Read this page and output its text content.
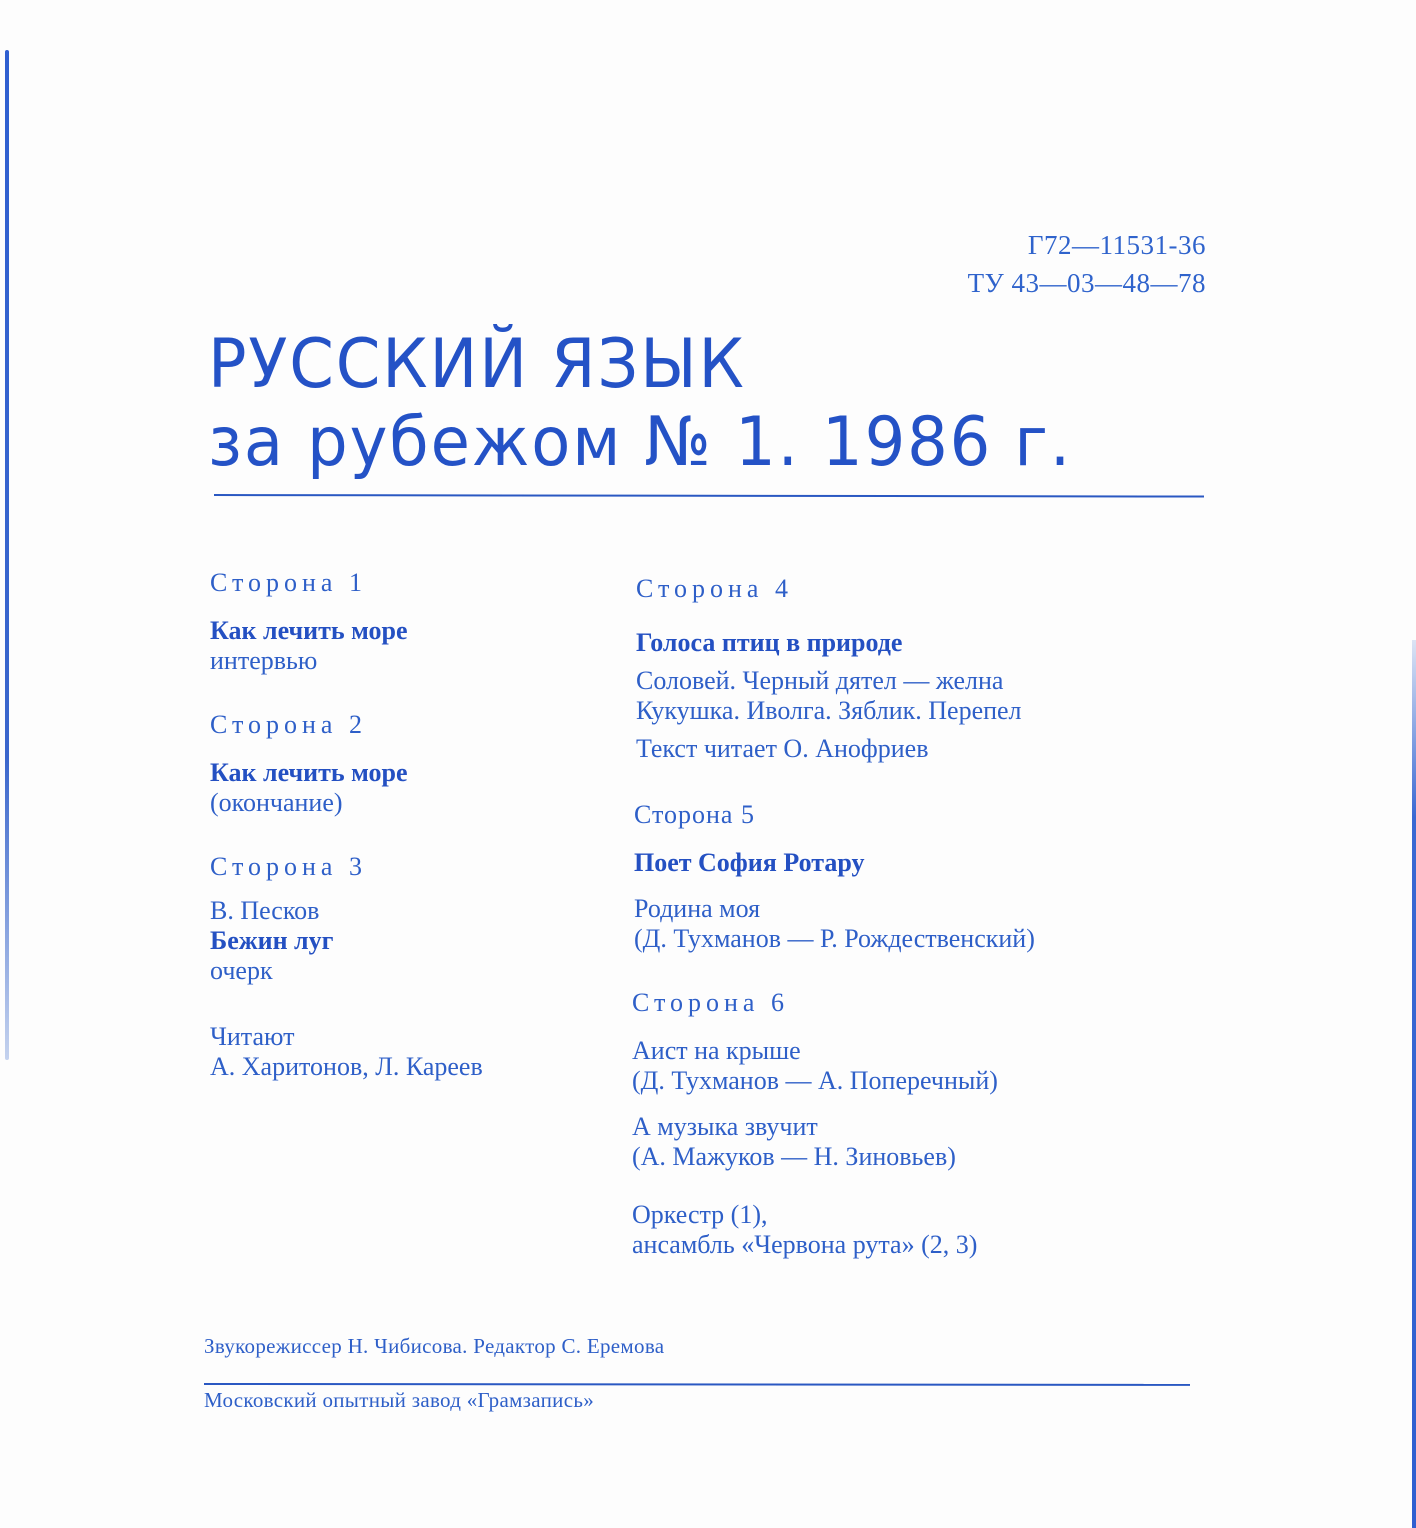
Г72—11531-36
ТУ 43—03—48—78
РУССКИЙ ЯЗЫК
за рубежом № 1. 1986 г.
Сторона 1
Как лечить море
интервью
Сторона 2
Как лечить море
(окончание)
Сторона 3
В. Песков
Бежин луг
очерк
Читают
А. Харитонов, Л. Кареев
Сторона 4
Голоса птиц в природе
Соловей. Черный дятел — желна
Кукушка. Иволга. Зяблик. Перепел
Текст читает О. Анофриев
Сторона 5
Поет София Ротару
Родина моя
(Д. Тухманов — Р. Рождественский)
Сторона 6
Аист на крыше
(Д. Тухманов — А. Поперечный)
А музыка звучит
(А. Мажуков — Н. Зиновьев)
Оркестр (1),
ансамбль «Червона рута» (2, 3)
Звукорежиссер Н. Чибисова. Редактор С. Еремова
Московский опытный завод «Грамзапись»
